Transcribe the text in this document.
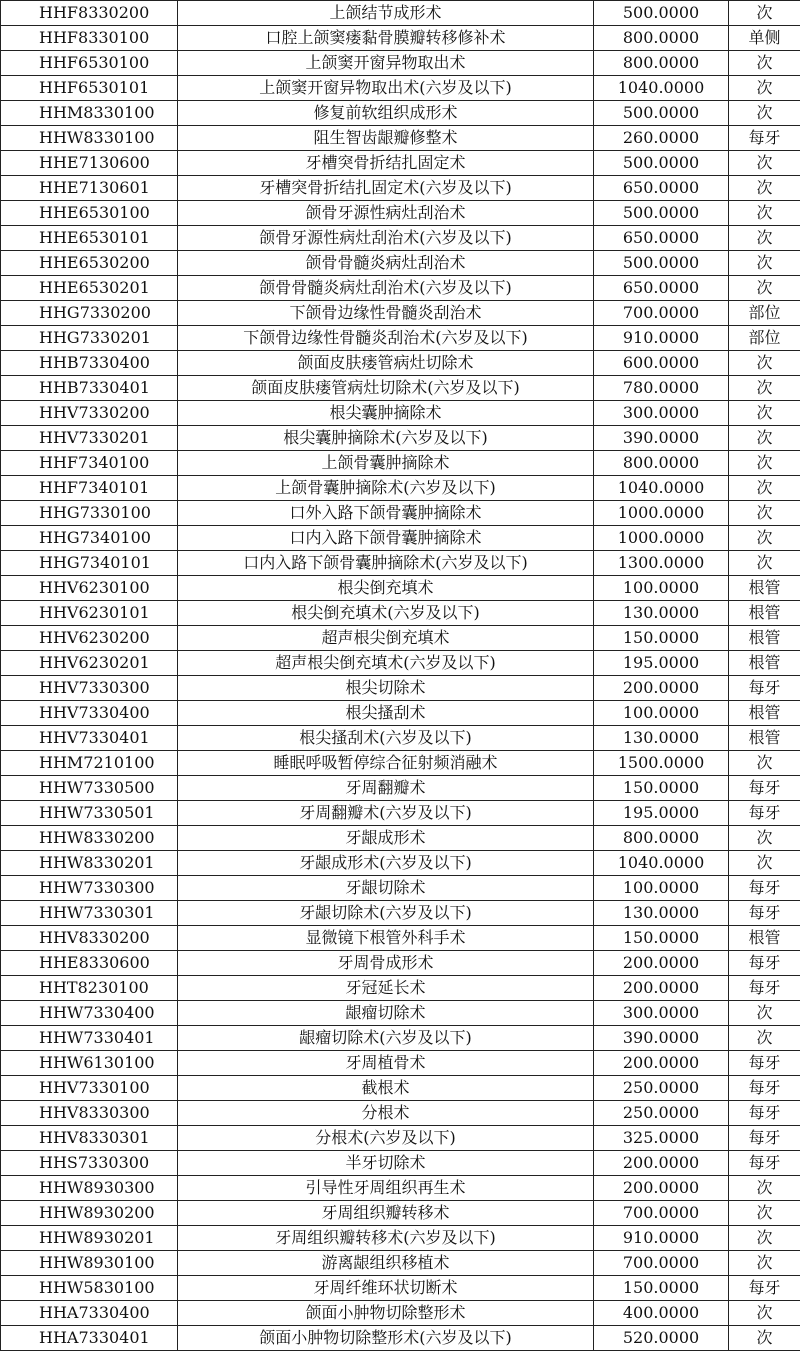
HHF8330200	上颌结节成形术	500.0000	次
HHF8330100	口腔上颌窦瘘黏骨膜瓣转移修补术	800.0000	单侧
HHF6530100	上颌窦开窗异物取出术	800.0000	次
HHF6530101	上颌窦开窗异物取出术(六岁及以下)	1040.0000	次
HHM8330100	修复前软组织成形术	500.0000	次
HHW8330100	阻生智齿龈瓣修整术	260.0000	每牙
HHE7130600	牙槽突骨折结扎固定术	500.0000	次
HHE7130601	牙槽突骨折结扎固定术(六岁及以下)	650.0000	次
HHE6530100	颌骨牙源性病灶刮治术	500.0000	次
HHE6530101	颌骨牙源性病灶刮治术(六岁及以下)	650.0000	次
HHE6530200	颌骨骨髓炎病灶刮治术	500.0000	次
HHE6530201	颌骨骨髓炎病灶刮治术(六岁及以下)	650.0000	次
HHG7330200	下颌骨边缘性骨髓炎刮治术	700.0000	部位
HHG7330201	下颌骨边缘性骨髓炎刮治术(六岁及以下)	910.0000	部位
HHB7330400	颌面皮肤瘘管病灶切除术	600.0000	次
HHB7330401	颌面皮肤瘘管病灶切除术(六岁及以下)	780.0000	次
HHV7330200	根尖囊肿摘除术	300.0000	次
HHV7330201	根尖囊肿摘除术(六岁及以下)	390.0000	次
HHF7340100	上颌骨囊肿摘除术	800.0000	次
HHF7340101	上颌骨囊肿摘除术(六岁及以下)	1040.0000	次
HHG7330100	口外入路下颌骨囊肿摘除术	1000.0000	次
HHG7340100	口内入路下颌骨囊肿摘除术	1000.0000	次
HHG7340101	口内入路下颌骨囊肿摘除术(六岁及以下)	1300.0000	次
HHV6230100	根尖倒充填术	100.0000	根管
HHV6230101	根尖倒充填术(六岁及以下)	130.0000	根管
HHV6230200	超声根尖倒充填术	150.0000	根管
HHV6230201	超声根尖倒充填术(六岁及以下)	195.0000	根管
HHV7330300	根尖切除术	200.0000	每牙
HHV7330400	根尖搔刮术	100.0000	根管
HHV7330401	根尖搔刮术(六岁及以下)	130.0000	根管
HHM7210100	睡眠呼吸暂停综合征射频消融术	1500.0000	次
HHW7330500	牙周翻瓣术	150.0000	每牙
HHW7330501	牙周翻瓣术(六岁及以下)	195.0000	每牙
HHW8330200	牙龈成形术	800.0000	次
HHW8330201	牙龈成形术(六岁及以下)	1040.0000	次
HHW7330300	牙龈切除术	100.0000	每牙
HHW7330301	牙龈切除术(六岁及以下)	130.0000	每牙
HHV8330200	显微镜下根管外科手术	150.0000	根管
HHE8330600	牙周骨成形术	200.0000	每牙
HHT8230100	牙冠延长术	200.0000	每牙
HHW7330400	龈瘤切除术	300.0000	次
HHW7330401	龈瘤切除术(六岁及以下)	390.0000	次
HHW6130100	牙周植骨术	200.0000	每牙
HHV7330100	截根术	250.0000	每牙
HHV8330300	分根术	250.0000	每牙
HHV8330301	分根术(六岁及以下)	325.0000	每牙
HHS7330300	半牙切除术	200.0000	每牙
HHW8930300	引导性牙周组织再生术	200.0000	次
HHW8930200	牙周组织瓣转移术	700.0000	次
HHW8930201	牙周组织瓣转移术(六岁及以下)	910.0000	次
HHW8930100	游离龈组织移植术	700.0000	次
HHW5830100	牙周纤维环状切断术	150.0000	每牙
HHA7330400	颌面小肿物切除整形术	400.0000	次
HHA7330401	颌面小肿物切除整形术(六岁及以下)	520.0000	次
